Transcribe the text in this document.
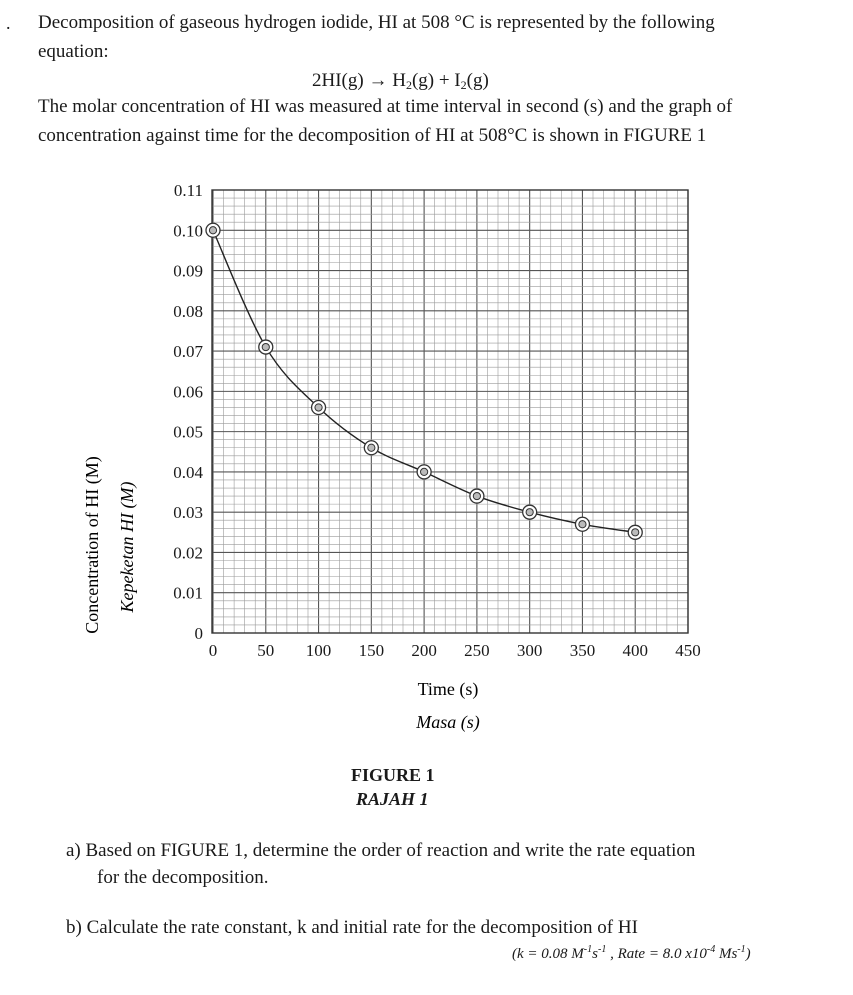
. Decomposition of gaseous hydrogen iodide, HI at 508 °C is represented by the following
equation:
$2HI(g) \to H_2(g) + I_2(g)$
The molar concentration of HI was measured at time interval in second (s) and the graph of
concentration against time for the decomposition of HI at 508°C is shown in FIGURE 1
0 50 100 150 200 250 300 350 400 450
0
0.01
0.02
0.03
0.04
0.05
0.06
0.07
0.08
0.09
0.10
0.11
Time (s)
Masa (s)
Concentration of HI (M) Kepeketan HI (M)
FIGURE 1
RAJAH 1
a) Based on FIGURE 1, determine the order of reaction and write the rate equation
for the decomposition.
b) Calculate the rate constant, k and initial rate for the decomposition of HI
(k = 0.08 $M^{-1}s^{-1}$ , Rate = 8.0 $x10^{-4}$ $Ms^{-1}$)
